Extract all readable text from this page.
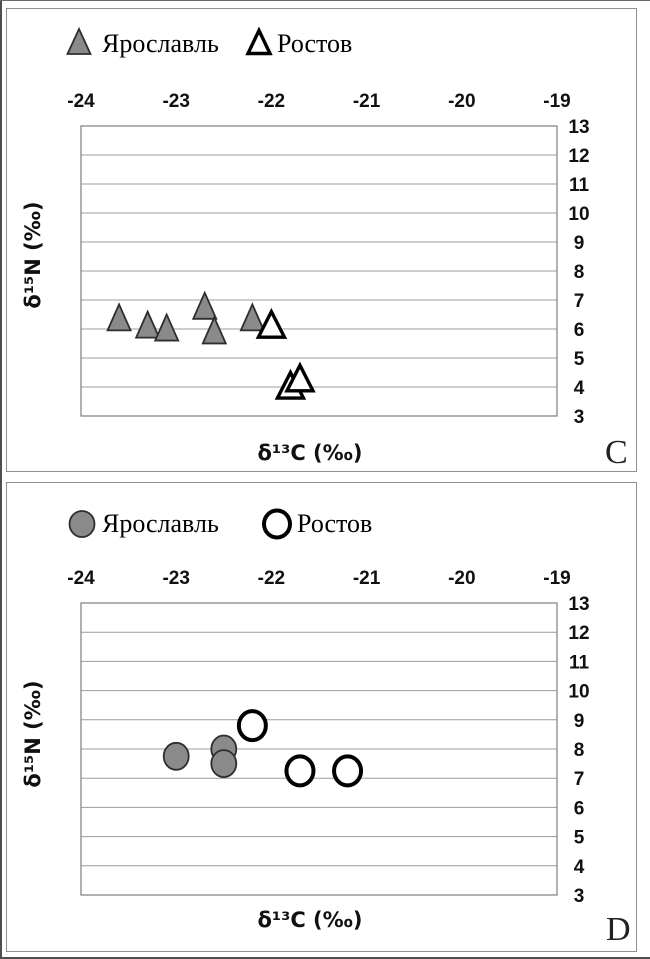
-24	-23	-22	-21	-20	-19
13
12
11
10
9
8
7
6
5
4
3
Ярославль Ростов
δ¹³C (‰)
δ¹⁵N (‰)
C
-24	-23	-22	-21	-20	-19
13
12
11
10
9
8
7
6
5
4
3
Ярославль	Ростов
δ¹³C (‰)
δ¹⁵N (‰)
D
